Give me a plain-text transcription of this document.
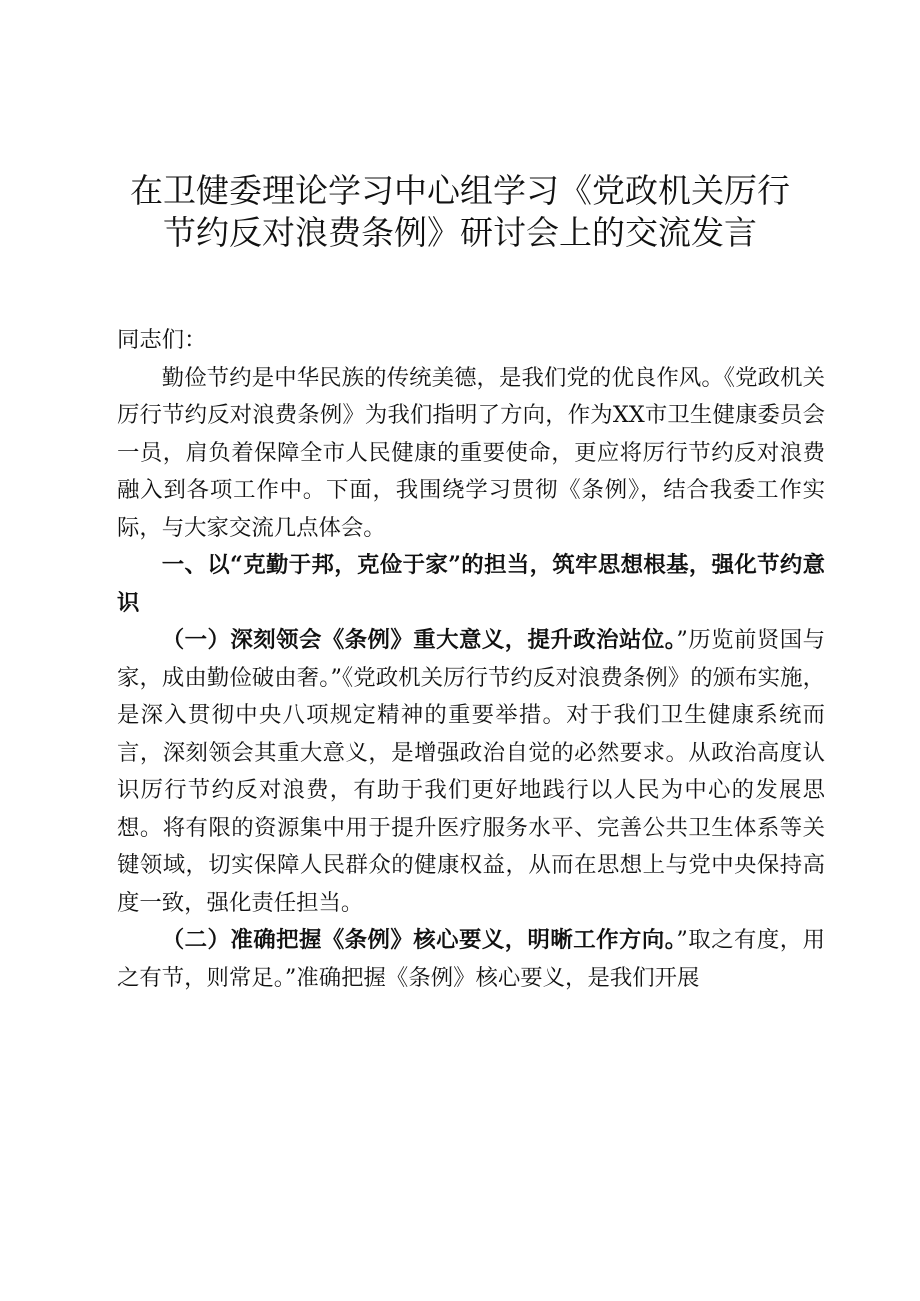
在卫健委理论学习中心组学习《党政机关厉行
节约反对浪费条例》研讨会上的交流发言

同志们：

勤俭节约是中华民族的传统美德，是我们党的优良作风。《党政机关厉行节约反对浪费条例》为我们指明了方向，作为XX市卫生健康委员会一员，肩负着保障全市人民健康的重要使命，更应将厉行节约反对浪费融入到各项工作中。下面，我围绕学习贯彻《条例》，结合我委工作实际，与大家交流几点体会。

一、以“克勤于邦，克俭于家”的担当，筑牢思想根基，强化节约意识

（一）深刻领会《条例》重大意义，提升政治站位。”历览前贤国与家，成由勤俭破由奢。”《党政机关厉行节约反对浪费条例》的颁布实施，是深入贯彻中央八项规定精神的重要举措。对于我们卫生健康系统而言，深刻领会其重大意义，是增强政治自觉的必然要求。从政治高度认识厉行节约反对浪费，有助于我们更好地践行以人民为中心的发展思想。将有限的资源集中用于提升医疗服务水平、完善公共卫生体系等关键领域，切实保障人民群众的健康权益，从而在思想上与党中央保持高度一致，强化责任担当。

（二）准确把握《条例》核心要义，明晰工作方向。”取之有度，用之有节，则常足。”准确把握《条例》核心要义，是我们开展
